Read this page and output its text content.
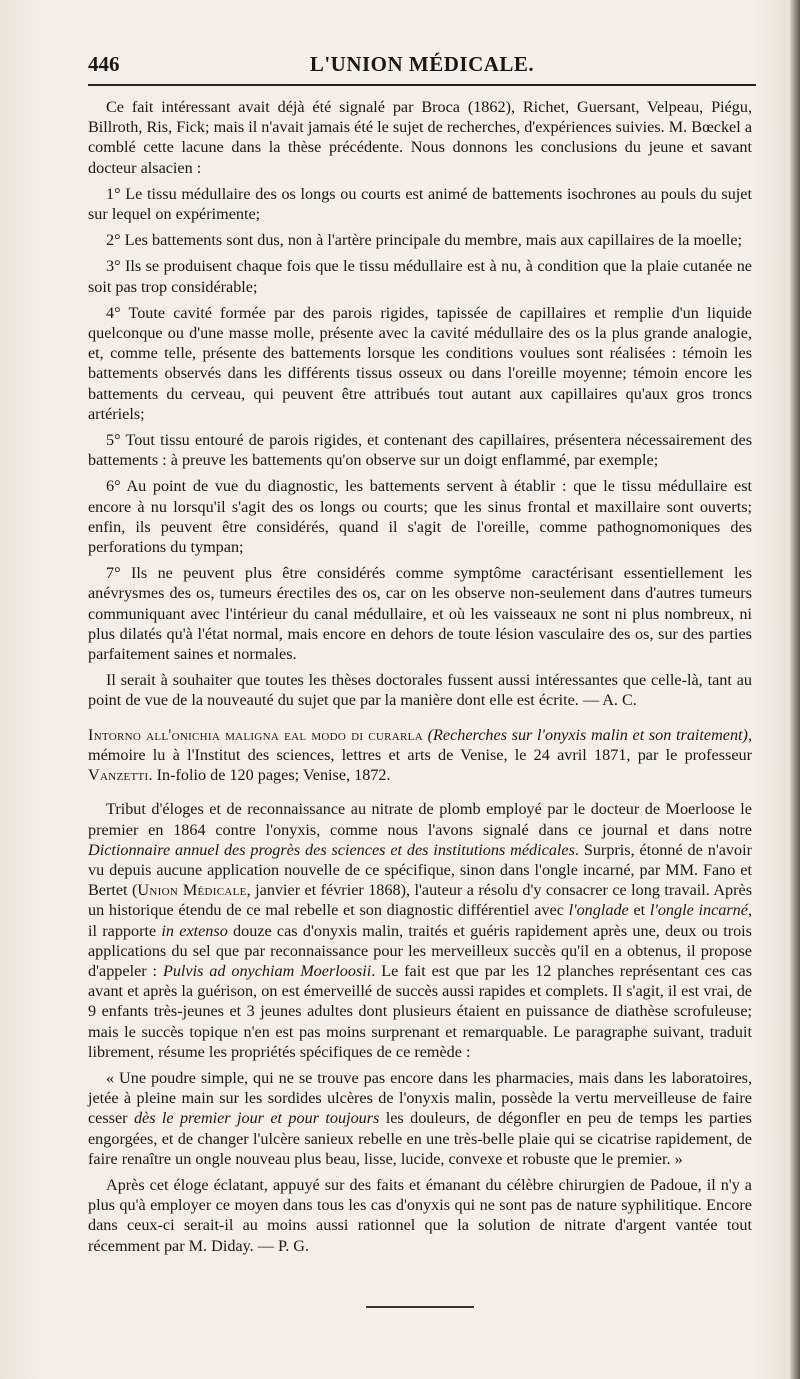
446	L'UNION MÉDICALE.

Ce fait intéressant avait déjà été signalé par Broca (1862), Richet, Guersant, Velpeau, Piégu, Billroth, Ris, Fick; mais il n'avait jamais été le sujet de recherches, d'expériences suivies. M. Bœckel a comblé cette lacune dans la thèse précédente. Nous donnons les conclusions du jeune et savant docteur alsacien :

1° Le tissu médullaire des os longs ou courts est animé de battements isochrones au pouls du sujet sur lequel on expérimente;

2° Les battements sont dus, non à l'artère principale du membre, mais aux capillaires de la moelle;

3° Ils se produisent chaque fois que le tissu médullaire est à nu, à condition que la plaie cutanée ne soit pas trop considérable;

4° Toute cavité formée par des parois rigides, tapissée de capillaires et remplie d'un liquide quelconque ou d'une masse molle, présente avec la cavité médullaire des os la plus grande analogie, et, comme telle, présente des battements lorsque les conditions voulues sont réalisées : témoin les battements observés dans les différents tissus osseux ou dans l'oreille moyenne; témoin encore les battements du cerveau, qui peuvent être attribués tout autant aux capillaires qu'aux gros troncs artériels;

5° Tout tissu entouré de parois rigides, et contenant des capillaires, présentera nécessairement des battements : à preuve les battements qu'on observe sur un doigt enflammé, par exemple;

6° Au point de vue du diagnostic, les battements servent à établir : que le tissu médullaire est encore à nu lorsqu'il s'agit des os longs ou courts; que les sinus frontal et maxillaire sont ouverts; enfin, ils peuvent être considérés, quand il s'agit de l'oreille, comme pathognomoniques des perforations du tympan;

7° Ils ne peuvent plus être considérés comme symptôme caractérisant essentiellement les anévrysmes des os, tumeurs érectiles des os, car on les observe non-seulement dans d'autres tumeurs communiquant avec l'intérieur du canal médullaire, et où les vaisseaux ne sont ni plus nombreux, ni plus dilatés qu'à l'état normal, mais encore en dehors de toute lésion vasculaire des os, sur des parties parfaitement saines et normales.

Il serait à souhaiter que toutes les thèses doctorales fussent aussi intéressantes que celle-là, tant au point de vue de la nouveauté du sujet que par la manière dont elle est écrite. — A. C.

Intorno all'onichia maligna eal modo di curarla (Recherches sur l'onyxis malin et son traitement), mémoire lu à l'Institut des sciences, lettres et arts de Venise, le 24 avril 1871, par le professeur Vanzetti. In-folio de 120 pages; Venise, 1872.

Tribut d'éloges et de reconnaissance au nitrate de plomb employé par le docteur de Moerloose le premier en 1864 contre l'onyxis, comme nous l'avons signalé dans ce journal et dans notre Dictionnaire annuel des progrès des sciences et des institutions médicales. Surpris, étonné de n'avoir vu depuis aucune application nouvelle de ce spécifique, sinon dans l'ongle incarné, par MM. Fano et Bertet (Union Médicale, janvier et février 1868), l'auteur a résolu d'y consacrer ce long travail. Après un historique étendu de ce mal rebelle et son diagnostic différentiel avec l'onglade et l'ongle incarné, il rapporte in extenso douze cas d'onyxis malin, traités et guéris rapidement après une, deux ou trois applications du sel que par reconnaissance pour les merveilleux succès qu'il en a obtenus, il propose d'appeler : Pulvis ad onychiam Moerloosii. Le fait est que par les 12 planches représentant ces cas avant et après la guérison, on est émerveillé de succès aussi rapides et complets. Il s'agit, il est vrai, de 9 enfants très-jeunes et 3 jeunes adultes dont plusieurs étaient en puissance de diathèse scrofuleuse; mais le succès topique n'en est pas moins surprenant et remarquable. Le paragraphe suivant, traduit librement, résume les propriétés spécifiques de ce remède :

« Une poudre simple, qui ne se trouve pas encore dans les pharmacies, mais dans les laboratoires, jetée à pleine main sur les sordides ulcères de l'onyxis malin, possède la vertu merveilleuse de faire cesser dès le premier jour et pour toujours les douleurs, de dégonfler en peu de temps les parties engorgées, et de changer l'ulcère sanieux rebelle en une très-belle plaie qui se cicatrise rapidement, de faire renaître un ongle nouveau plus beau, lisse, lucide, convexe et robuste que le premier. »

Après cet éloge éclatant, appuyé sur des faits et émanant du célèbre chirurgien de Padoue, il n'y a plus qu'à employer ce moyen dans tous les cas d'onyxis qui ne sont pas de nature syphilitique. Encore dans ceux-ci serait-il au moins aussi rationnel que la solution de nitrate d'argent vantée tout récemment par M. Diday. — P. G.
